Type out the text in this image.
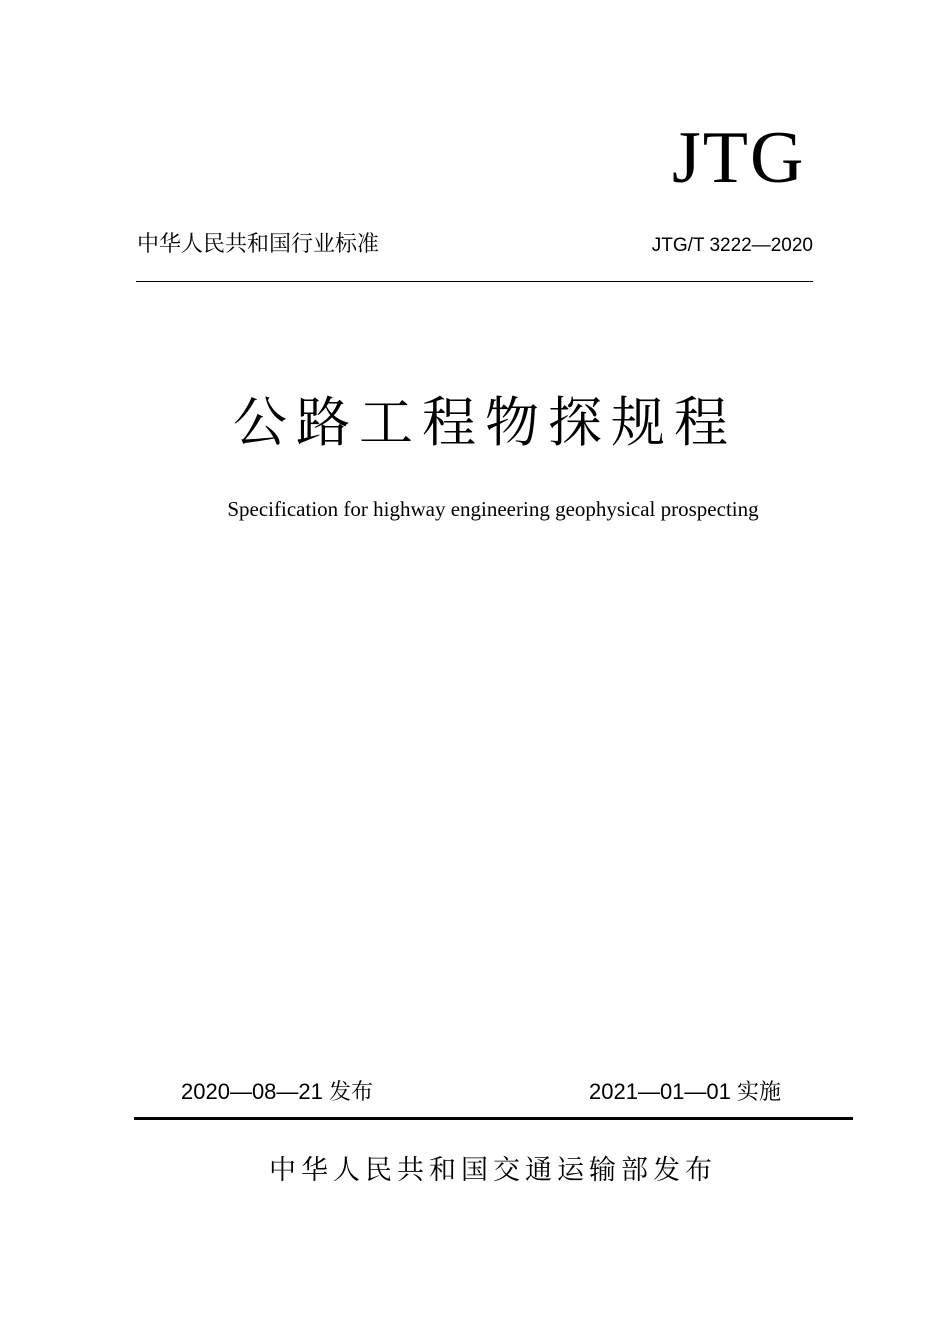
JTG
中华人民共和国行业标准	JTG/T 3222—2020
公路工程物探规程
Specification for highway engineering geophysical prospecting
2020—08—21 发布	2021—01—01 实施
中华人民共和国交通运输部发布
